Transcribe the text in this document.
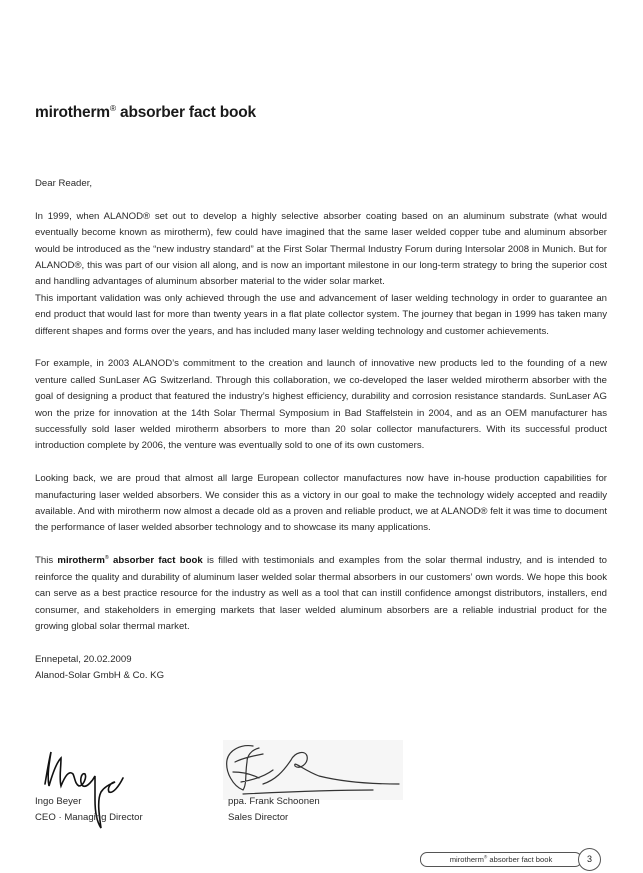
mirotherm® absorber fact book

Dear Reader,

In 1999, when ALANOD® set out to develop a highly selective absorber coating based on an aluminum substrate (what would eventually become known as mirotherm), few could have imagined that the same laser welded copper tube and aluminum absorber would be introduced as the “new industry standard” at the First Solar Thermal Industry Forum during Intersolar 2008 in Munich. But for ALANOD®, this was part of our vision all along, and is now an important milestone in our long-term strategy to bring the superior cost and handling advantages of aluminum absorber material to the wider solar market.

This important validation was only achieved through the use and advancement of laser welding technology in order to guarantee an end product that would last for more than twenty years in a flat plate collector system. The journey that began in 1999 has taken many different shapes and forms over the years, and has included many laser welding technology and customer achievements.

For example, in 2003 ALANOD’s commitment to the creation and launch of innovative new products led to the founding of a new venture called SunLaser AG Switzerland. Through this collaboration, we co-developed the laser welded mirotherm absorber with the goal of designing a product that featured the industry’s highest efficiency, durability and corrosion resistance standards. SunLaser AG won the prize for innovation at the 14th Solar Thermal Symposium in Bad Staffelstein in 2004, and as an OEM manufacturer has successfully sold laser welded mirotherm absorbers to more than 20 solar collector manufacturers. With its successful product introduction complete by 2006, the venture was eventually sold to one of its own customers.

Looking back, we are proud that almost all large European collector manufactures now have in-house production capabilities for manufacturing laser welded absorbers. We consider this as a victory in our goal to make the technology widely accepted and readily available. And with mirotherm now almost a decade old as a proven and reliable product, we at ALANOD® felt it was time to document the performance of laser welded absorber technology and to showcase its many applications.

This mirotherm® absorber fact book is filled with testimonials and examples from the solar thermal industry, and is intended to reinforce the quality and durability of aluminum laser welded solar thermal absorbers in our customers’ own words. We hope this book can serve as a best practice resource for the industry as well as a tool that can instill confidence amongst distributors, installers, end consumer, and stakeholders in emerging markets that laser welded aluminum absorbers are a reliable industrial product for the growing global solar thermal market.

Ennepetal, 20.02.2009

Alanod-Solar GmbH & Co. KG

Ingo Beyer
CEO · Managing Director
ppa. Frank Schoonen
Sales Director
mirotherm® absorber fact book	3
